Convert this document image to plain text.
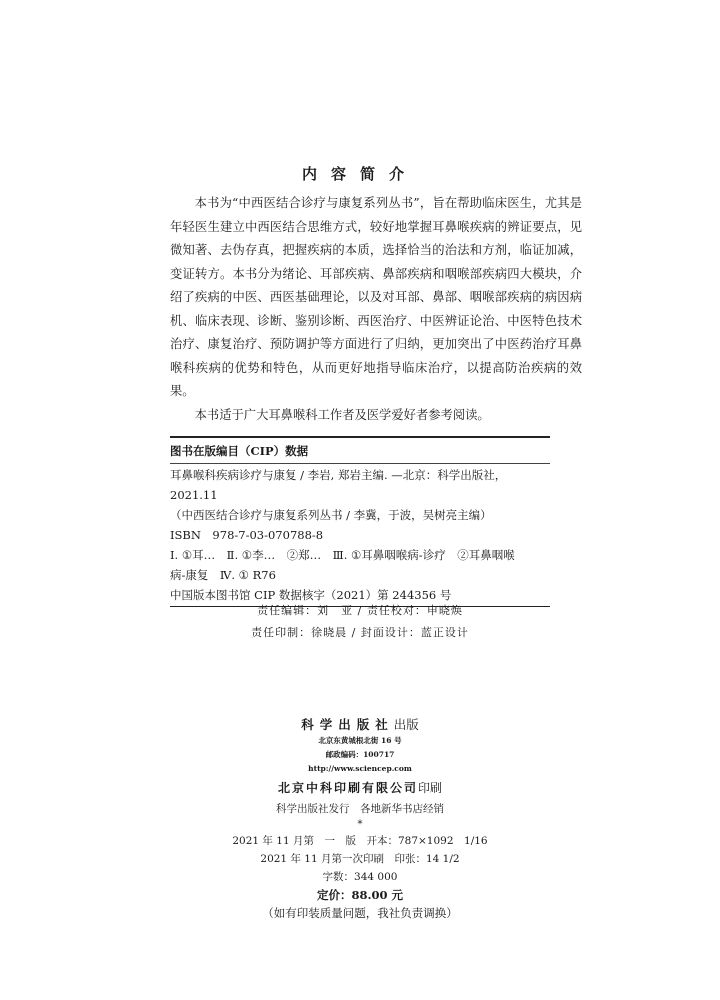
内容简介

本书为“中西医结合诊疗与康复系列丛书”，旨在帮助临床医生，尤其是年轻医生建立中西医结合思维方式，较好地掌握耳鼻喉疾病的辨证要点，见微知著、去伪存真，把握疾病的本质，选择恰当的治法和方剂，临证加减，变证转方。本书分为绪论、耳部疾病、鼻部疾病和咽喉部疾病四大模块，介绍了疾病的中医、西医基础理论，以及对耳部、鼻部、咽喉部疾病的病因病机、临床表现、诊断、鉴别诊断、西医治疗、中医辨证论治、中医特色技术治疗、康复治疗、预防调护等方面进行了归纳，更加突出了中医药治疗耳鼻喉科疾病的优势和特色，从而更好地指导临床治疗，以提高防治疾病的效果。

本书适于广大耳鼻喉科工作者及医学爱好者参考阅读。

图书在版编目（CIP）数据
耳鼻喉科疾病诊疗与康复 / 李岩, 郑岩主编. —北京：科学出版社，
2021.11
（中西医结合诊疗与康复系列丛书 / 李冀，于波，吴树亮主编）
ISBN　978-7-03-070788-8
Ⅰ. ①耳…　Ⅱ. ①李…　②郑…　Ⅲ. ①耳鼻咽喉病-诊疗　②耳鼻咽喉
病-康复　Ⅳ. ① R76
中国版本图书馆 CIP 数据核字（2021）第 244356 号
责任编辑：刘　亚 / 责任校对：申晓焕
责任印制：徐晓晨 / 封面设计：蓝正设计
科学出版社出版
北京东黄城根北街 16 号
邮政编码：100717
http://www.sciencep.com
北京中科印刷有限公司印刷
科学出版社发行　各地新华书店经销
*
2021 年 11 月第　一　版　开本：787×1092　1/16
2021 年 11 月第一次印刷　印张：14 1/2
字数：344 000
定价：88.00 元
（如有印装质量问题，我社负责调换）
